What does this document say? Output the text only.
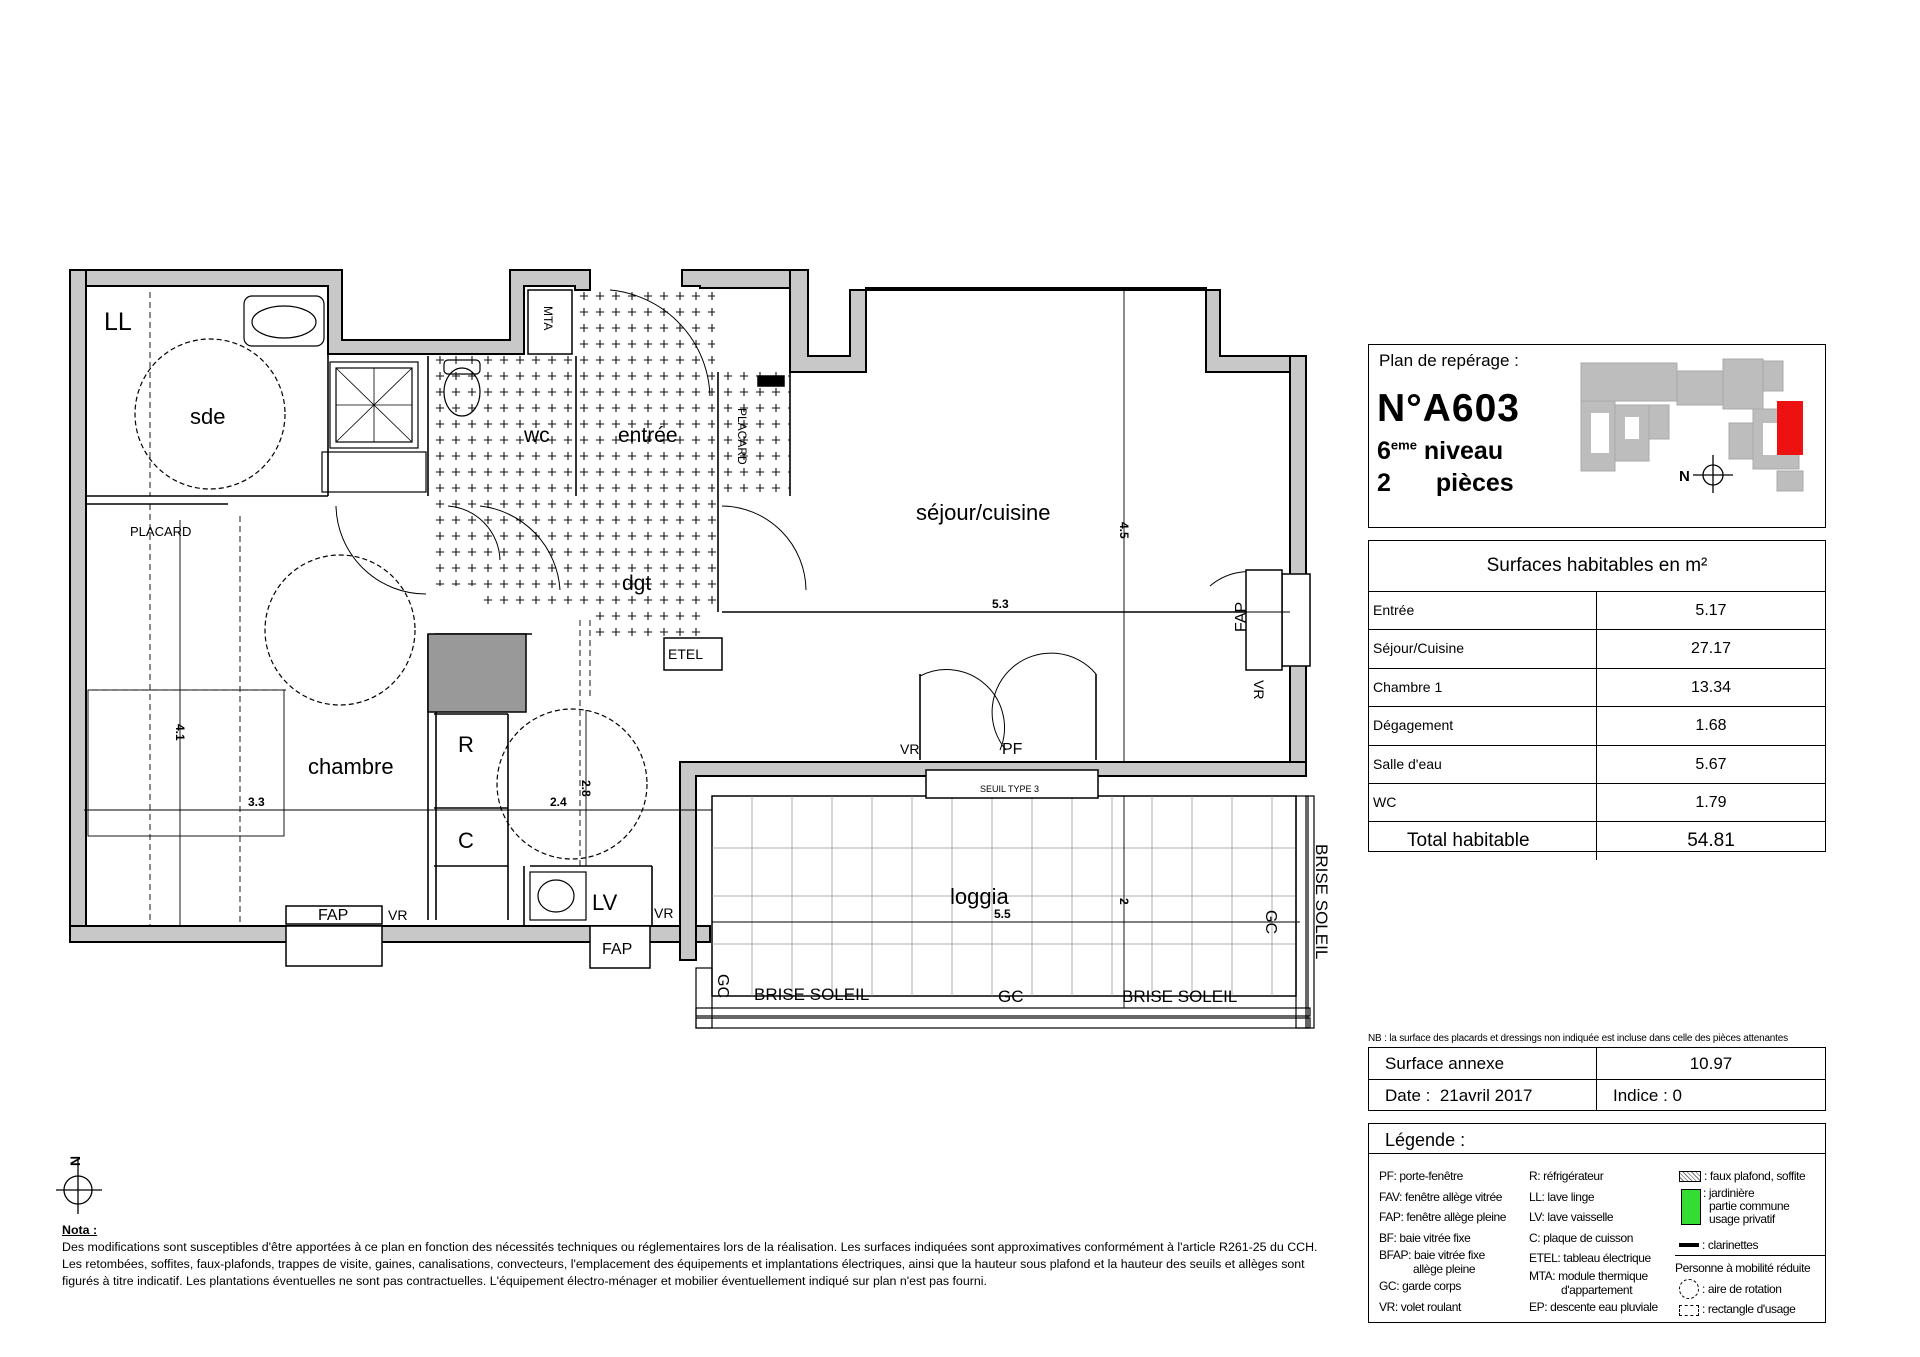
N
LL
sde
PLACARD
wc	entrée
MTA
PLACARD
séjour/cuisine
dgt
ETEL
chambre
R
C
LV	loggia
4.1
3.3	2.4
2.8
5.3
4.5
5.5
2
FAP	VR
FAP
VR
PF
VR
SEUIL TYPE 3
FAP
VR
GC BRISE SOLEIL	GC	BRISE SOLEIL
GC BRISE SOLEIL
Plan de repérage :
N°A603
6eme niveau
2 pièces	N
Surfaces habitables en m²
Entrée	5.17
Séjour/Cuisine	27.17
Chambre 1	13.34
Dégagement	1.68
Salle d'eau	5.67
WC	1.79
Total habitable	54.81
NB : la surface des placards et dressings non indiquée est incluse dans celle des pièces attenantes
Surface annexe	10.97
Date : 21avril 2017	Indice : 0
Légende :
PF: porte-fenêtre
FAV: fenêtre allège vitrée
FAP: fenêtre allège pleine
BF: baie vitrée fixe
BFAP: baie vitrée fixe
allège pleine
GC: garde corps
VR: volet roulant
R: réfrigérateur
LL: lave linge
LV: lave vaisselle
C: plaque de cuisson
ETEL: tableau électrique
MTA: module thermique
d'appartement
EP: descente eau pluviale
: faux plafond, soffite
: jardinière
partie commune
usage privatif
: clarinettes
Personne à mobilité réduite
: aire de rotation
: rectangle d'usage
Nota :
Des modifications sont susceptibles d'être apportées à ce plan en fonction des nécessités techniques ou réglementaires lors de la réalisation. Les surfaces indiquées sont approximatives conformément à l'article R261-25 du CCH. Les retombées, soffites, faux-plafonds, trappes de visite, gaines, canalisations, convecteurs, l'emplacement des équipements et implantations électriques, ainsi que la hauteur sous plafond et la hauteur des seuils et allèges sont figurés à titre indicatif. Les plantations éventuelles ne sont pas contractuelles. L'équipement électro-ménager et mobilier éventuellement indiqué sur plan n'est pas fourni.
